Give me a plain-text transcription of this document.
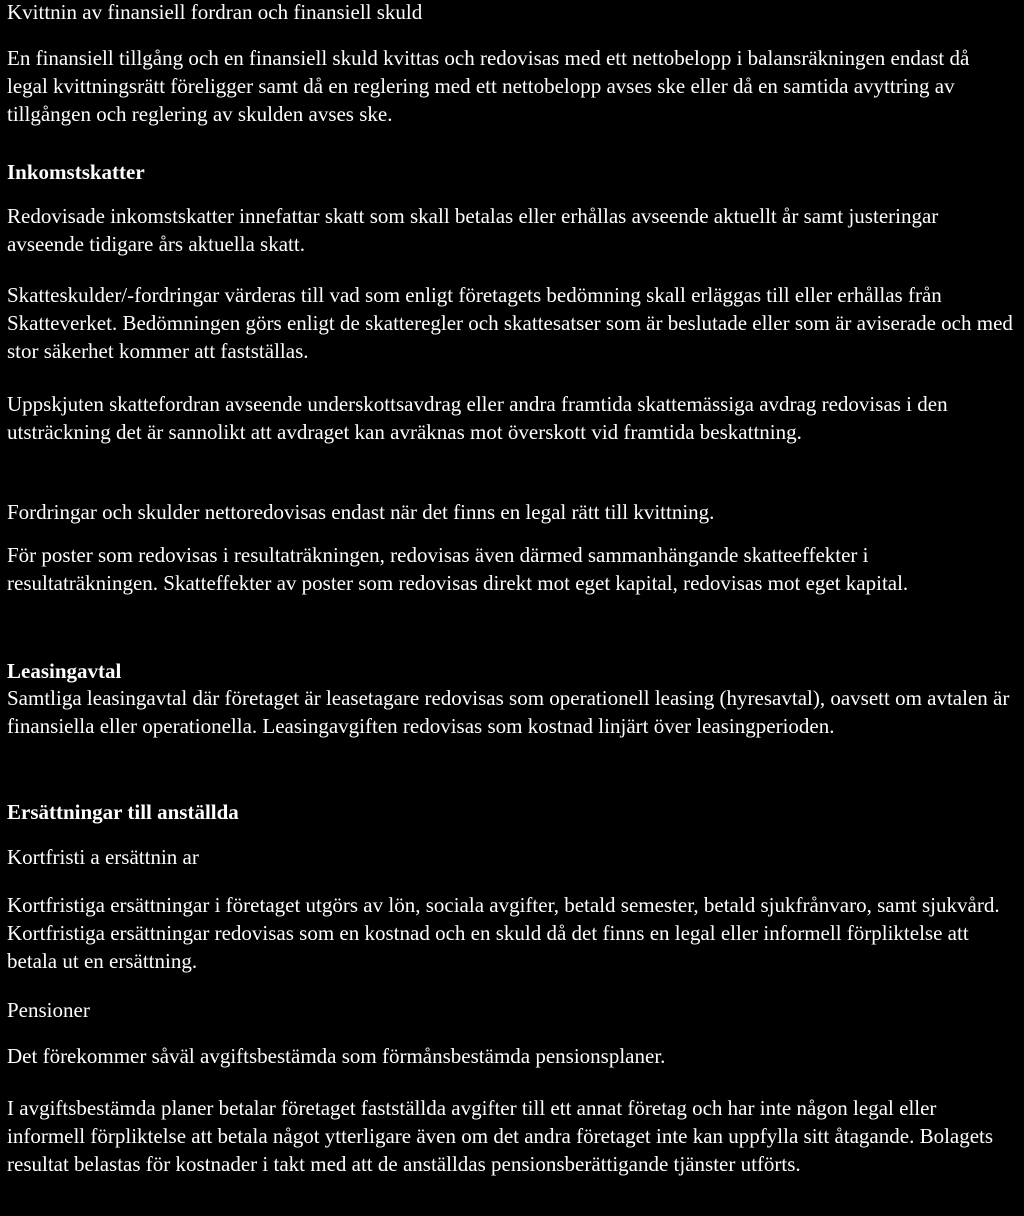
Kvittnin av finansiell fordran och finansiell skuld

En finansiell tillgång och en finansiell skuld kvittas och redovisas med ett nettobelopp i balansräkningen endast då legal kvittningsrätt föreligger samt då en reglering med ett nettobelopp avses ske eller då en samtida avyttring av tillgången och reglering av skulden avses ske.

Inkomstskatter

Redovisade inkomstskatter innefattar skatt som skall betalas eller erhållas avseende aktuellt år samt justeringar avseende tidigare års aktuella skatt.

Skatteskulder/-fordringar värderas till vad som enligt företagets bedömning skall erläggas till eller erhållas från Skatteverket. Bedömningen görs enligt de skatteregler och skattesatser som är beslutade eller som är aviserade och med stor säkerhet kommer att fastställas.

Uppskjuten skattefordran avseende underskottsavdrag eller andra framtida skattemässiga avdrag redovisas i den utsträckning det är sannolikt att avdraget kan avräknas mot överskott vid framtida beskattning.

Fordringar och skulder nettoredovisas endast när det finns en legal rätt till kvittning.

För poster som redovisas i resultaträkningen, redovisas även därmed sammanhängande skatteeffekter i resultaträkningen. Skatteffekter av poster som redovisas direkt mot eget kapital, redovisas mot eget kapital.

Leasingavtal

Samtliga leasingavtal där företaget är leasetagare redovisas som operationell leasing (hyresavtal), oavsett om avtalen är finansiella eller operationella. Leasingavgiften redovisas som kostnad linjärt över leasingperioden.

Ersättningar till anställda

Kortfristi a ersättnin ar

Kortfristiga ersättningar i företaget utgörs av lön, sociala avgifter, betald semester, betald sjukfrånvaro, samt sjukvård. Kortfristiga ersättningar redovisas som en kostnad och en skuld då det finns en legal eller informell förpliktelse att betala ut en ersättning.

Pensioner

Det förekommer såväl avgiftsbestämda som förmånsbestämda pensionsplaner.

I avgiftsbestämda planer betalar företaget fastställda avgifter till ett annat företag och har inte någon legal eller informell förpliktelse att betala något ytterligare även om det andra företaget inte kan uppfylla sitt åtagande. Bolagets resultat belastas för kostnader i takt med att de anställdas pensionsberättigande tjänster utförts.
